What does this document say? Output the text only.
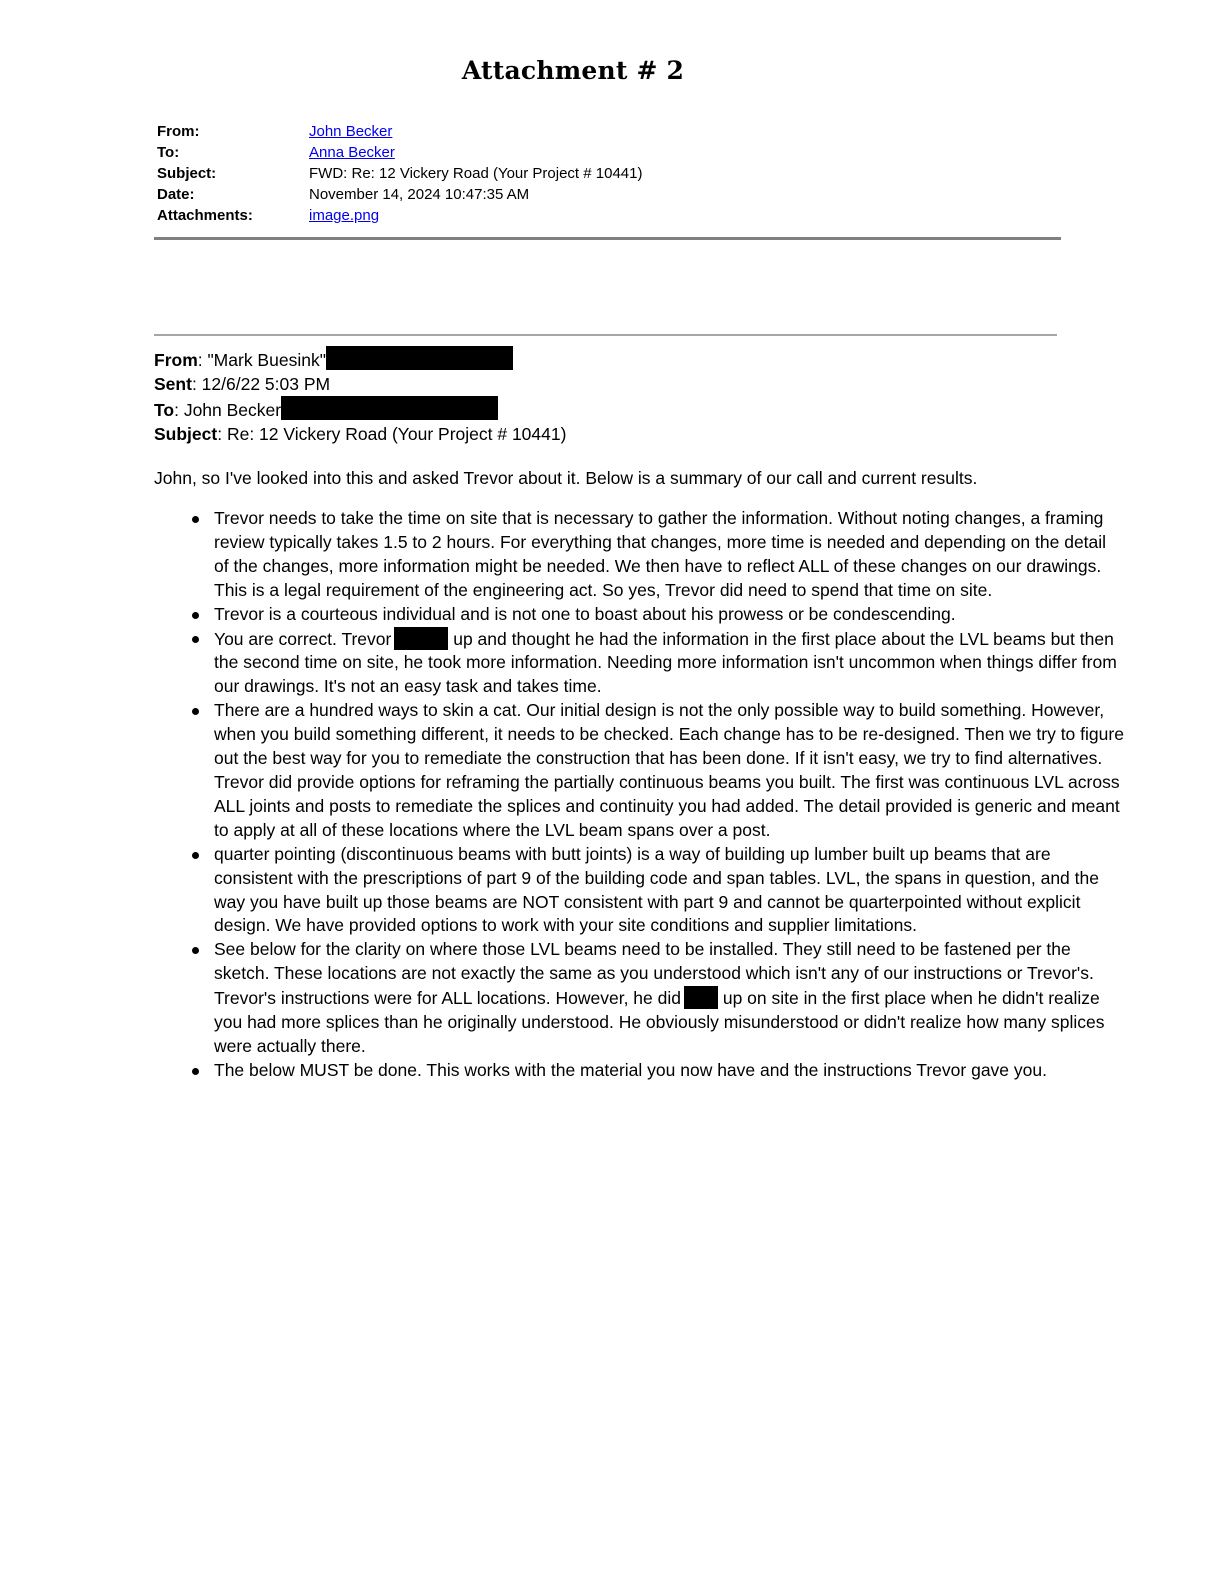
Attachment # 2
From:	John Becker
To:	Anna Becker
Subject:	FWD: Re: 12 Vickery Road (Your Project # 10441)
Date:	November 14, 2024 10:47:35 AM
Attachments:	image.png
From: "Mark Buesink"
Sent: 12/6/22 5:03 PM
To: John Becker
Subject: Re: 12 Vickery Road (Your Project # 10441)
John, so I've looked into this and asked Trevor about it. Below is a summary of our call and current results.
Trevor needs to take the time on site that is necessary to gather the information. Without noting changes, a framing review typically takes 1.5 to 2 hours. For everything that changes, more time is needed and depending on the detail of the changes, more information might be needed. We then have to reflect ALL of these changes on our drawings. This is a legal requirement of the engineering act. So yes, Trevor did need to spend that time on site.
Trevor is a courteous individual and is not one to boast about his prowess or be condescending.
You are correct. Trevor	up and thought he had the information in the first place about the LVL beams but then the second time on site, he took more information. Needing more information isn't uncommon when things differ from our drawings. It's not an easy task and takes time.
There are a hundred ways to skin a cat. Our initial design is not the only possible way to build something. However, when you build something different, it needs to be checked. Each change has to be re-designed. Then we try to figure out the best way for you to remediate the construction that has been done. If it isn't easy, we try to find alternatives. Trevor did provide options for reframing the partially continuous beams you built. The first was continuous LVL across ALL joints and posts to remediate the splices and continuity you had added. The detail provided is generic and meant to apply at all of these locations where the LVL beam spans over a post.
quarter pointing (discontinuous beams with butt joints) is a way of building up lumber built up beams that are consistent with the prescriptions of part 9 of the building code and span tables. LVL, the spans in question, and the way you have built up those beams are NOT consistent with part 9 and cannot be quarterpointed without explicit design. We have provided options to work with your site conditions and supplier limitations.
See below for the clarity on where those LVL beams need to be installed. They still need to be fastened per the sketch. These locations are not exactly the same as you understood which isn't any of our instructions or Trevor's. Trevor's instructions were for ALL locations. However, he did up on site in the first place when he didn't realize you had more splices than he originally understood. He obviously misunderstood or didn't realize how many splices were actually there.
The below MUST be done. This works with the material you now have and the instructions Trevor gave you.
